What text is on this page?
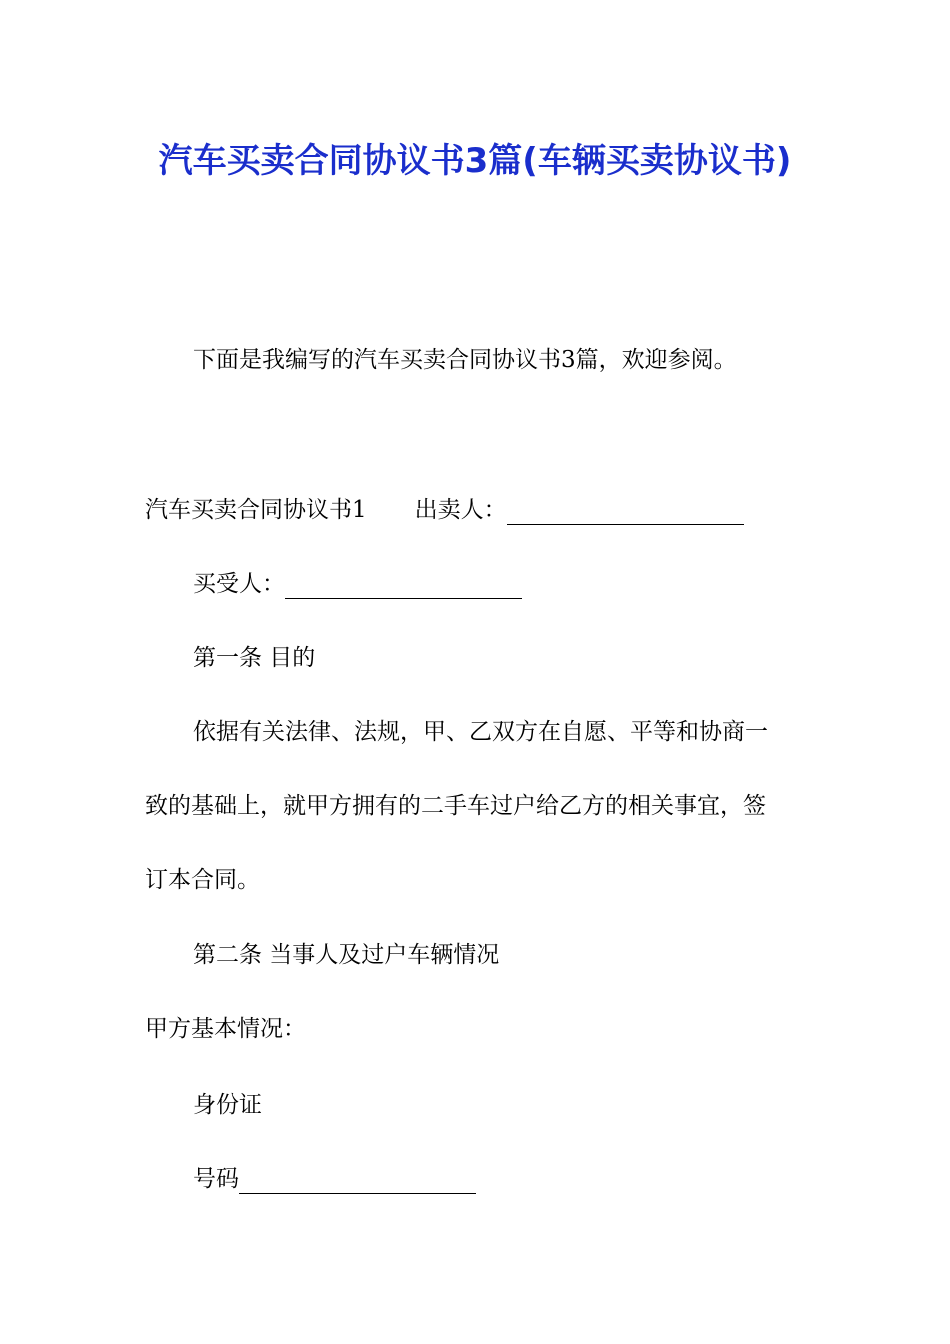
汽车买卖合同协议书3篇(车辆买卖协议书)

下面是我编写的汽车买卖合同协议书3篇，欢迎参阅。

汽车买卖合同协议书1 出卖人：

买受人：

第一条 目的

依据有关法律、法规，甲、乙双方在自愿、平等和协商一

致的基础上，就甲方拥有的二手车过户给乙方的相关事宜，签

订本合同。

第二条 当事人及过户车辆情况

甲方基本情况：

身份证

号码
